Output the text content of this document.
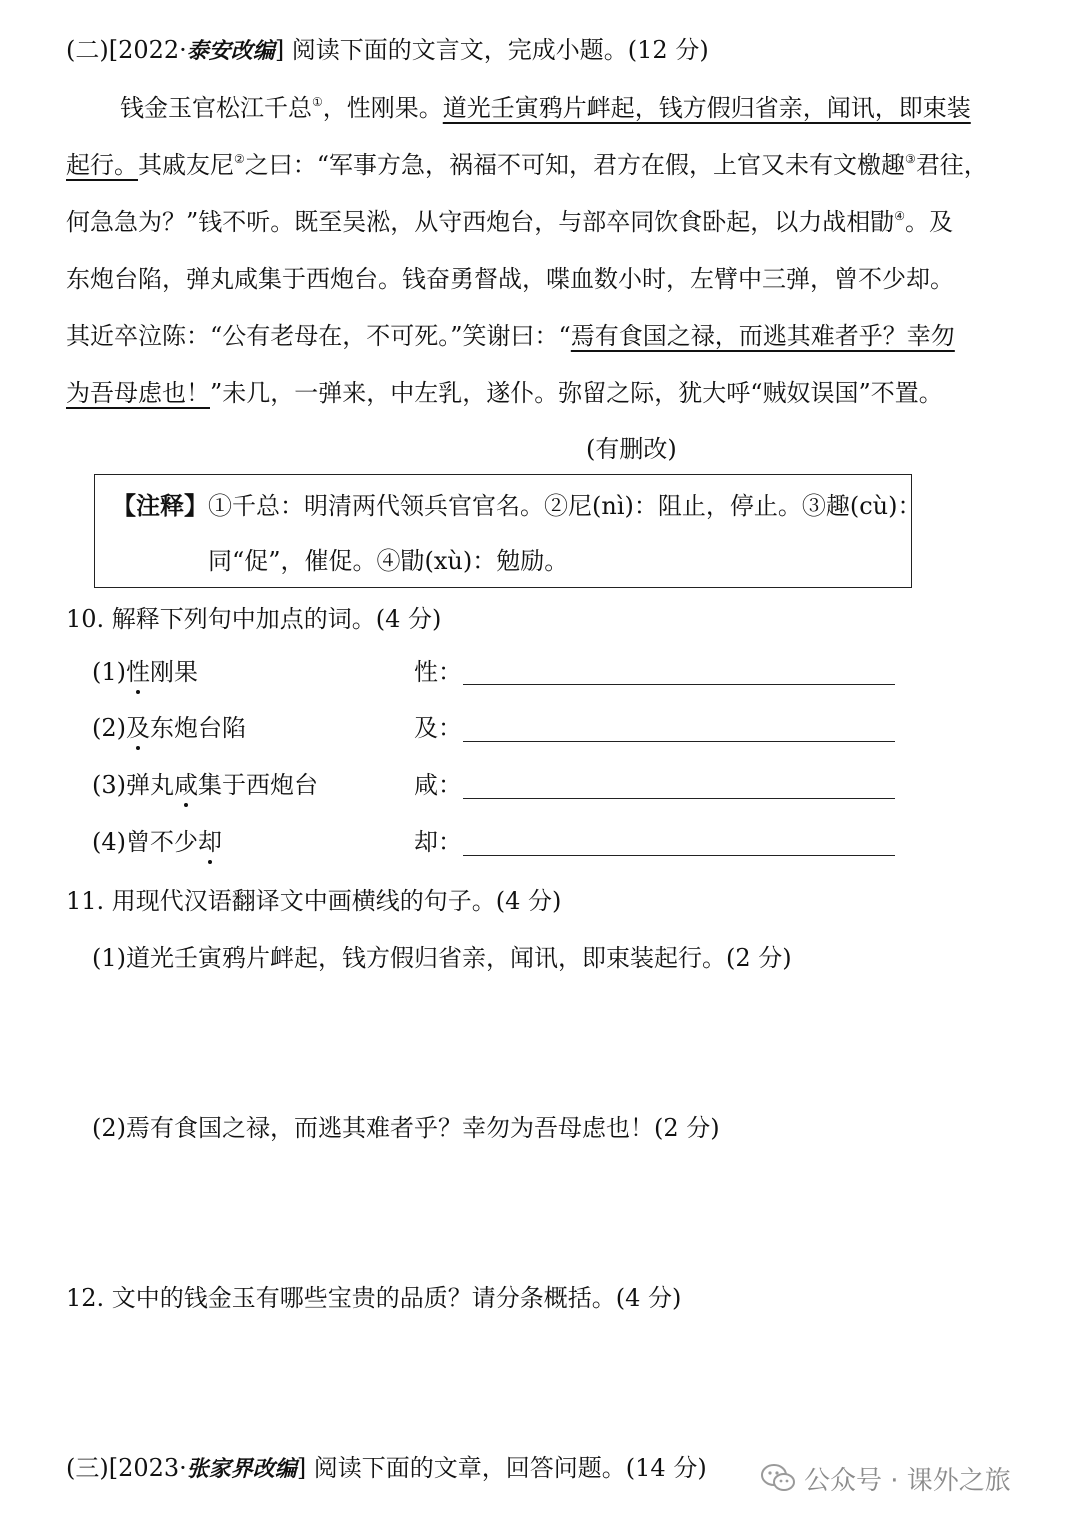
(二)[2022·泰安改编] 阅读下面的文言文，完成小题。(12 分)
钱金玉官松江千总①，性刚果。道光壬寅鸦片衅起，钱方假归省亲，闻讯，即束装
起行。其戚友尼②之曰：“军事方急，祸福不可知，君方在假，上官又未有文檄趣③君往，
何急急为？”钱不听。既至吴淞，从守西炮台，与部卒同饮食卧起，以力战相勖④。及
东炮台陷，弹丸咸集于西炮台。钱奋勇督战，喋血数小时，左臂中三弹，曾不少却。
其近卒泣陈：“公有老母在，不可死。”笑谢曰：“焉有食国之禄，而逃其难者乎？幸勿
为吾母虑也！”未几，一弹来，中左乳，遂仆。弥留之际，犹大呼“贼奴误国”不置。
(有删改)
【注释】①千总：明清两代领兵官官名。②尼(nì)：阻止，停止。③趣(cù)：
同“促”，催促。④勖(xù)：勉励。
10. 解释下列句中加点的词。(4 分)
(1)性刚果	性：
(2)及东炮台陷	及：
(3)弹丸咸集于西炮台	咸：
(4)曾不少却	却：
11. 用现代汉语翻译文中画横线的句子。(4 分)
(1)道光壬寅鸦片衅起，钱方假归省亲，闻讯，即束装起行。(2 分)
(2)焉有食国之禄，而逃其难者乎？幸勿为吾母虑也！(2 分)
12. 文中的钱金玉有哪些宝贵的品质？请分条概括。(4 分)
(三)[2023·张家界改编] 阅读下面的文章，回答问题。(14 分)	公众号 · 课外之旅
